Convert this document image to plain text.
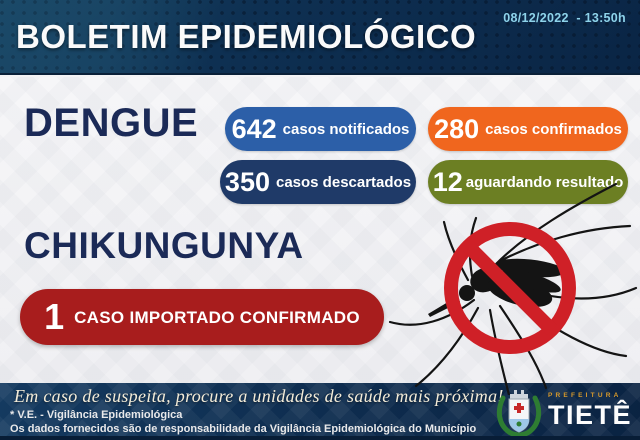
BOLETIM EPIDEMIOLÓGICO 08/12/2022  - 13:50h
DENGUE 642 casos notificados 280 casos confirmados
350 casos descartados 12 aguardando resultado
CHIKUNGUNYA
1 CASO IMPORTADO CONFIRMADO
Em caso de suspeita, procure a unidades de saúde mais próxima!
* V.E. - Vigilância Epidemiológica
Os dados fornecidos são de responsabilidade da Vigilância Epidemiológica do Município
PREFEITURA
TIETÊ
